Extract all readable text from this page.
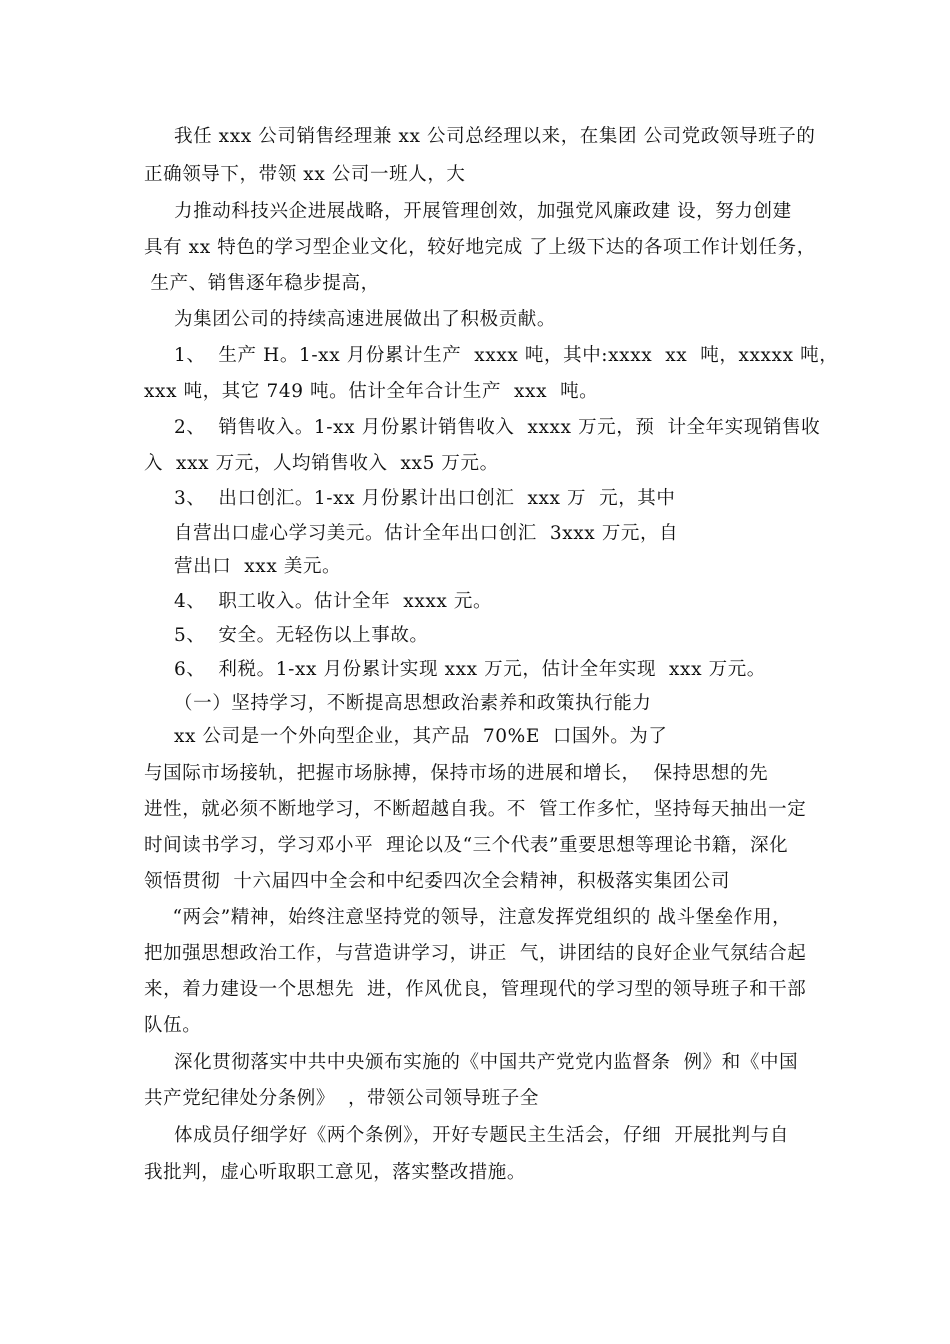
我任 xxx 公司销售经理兼 xx 公司总经理以来，在集团 公司党政领导班子的
正确领导下，带领 xx 公司一班人，大
力推动科技兴企进展战略，开展管理创效，加强党风廉政建 设，努力创建
具有 xx 特色的学习型企业文化，较好地完成 了上级下达的各项工作计划任务，
生产、销售逐年稳步提高，
为集团公司的持续高速进展做出了积极贡献。
1、  生产 H。1-xx 月份累计生产  xxxx 吨，其中:xxxx  xx  吨，xxxxx 吨，
xxx 吨，其它 749 吨。估计全年合计生产  xxx  吨。
2、  销售收入。1-xx 月份累计销售收入  xxxx 万元，预  计全年实现销售收
入  xxx 万元，人均销售收入  xx5 万元。
3、  出口创汇。1-xx 月份累计出口创汇  xxx 万  元，其中
自营出口虚心学习美元。估计全年出口创汇  3xxx 万元，自
营出口  xxx 美元。
4、  职工收入。估计全年  xxxx 元。
5、  安全。无轻伤以上事故。
6、  利税。1-xx 月份累计实现 xxx 万元，估计全年实现  xxx 万元。
（一）坚持学习，不断提高思想政治素养和政策执行能力
xx 公司是一个外向型企业，其产品  70%E  口国外。为了
与国际市场接轨，把握市场脉搏，保持市场的进展和增长，  保持思想的先
进性，就必须不断地学习，不断超越自我。不  管工作多忙，坚持每天抽出一定
时间读书学习，学习邓小平  理论以及“三个代表”重要思想等理论书籍，深化
领悟贯彻  十六届四中全会和中纪委四次全会精神，积极落实集团公司
“两会”精神，始终注意坚持党的领导，注意发挥党组织的 战斗堡垒作用，
把加强思想政治工作，与营造讲学习，讲正  气，讲团结的良好企业气氛结合起
来，着力建设一个思想先  进，作风优良，管理现代的学习型的领导班子和干部
队伍。
深化贯彻落实中共中央颁布实施的《中国共产党党内监督条  例》和《中国
共产党纪律处分条例》  ，带领公司领导班子全
体成员仔细学好《两个条例》，开好专题民主生活会，仔细  开展批判与自
我批判，虚心听取职工意见，落实整改措施。
